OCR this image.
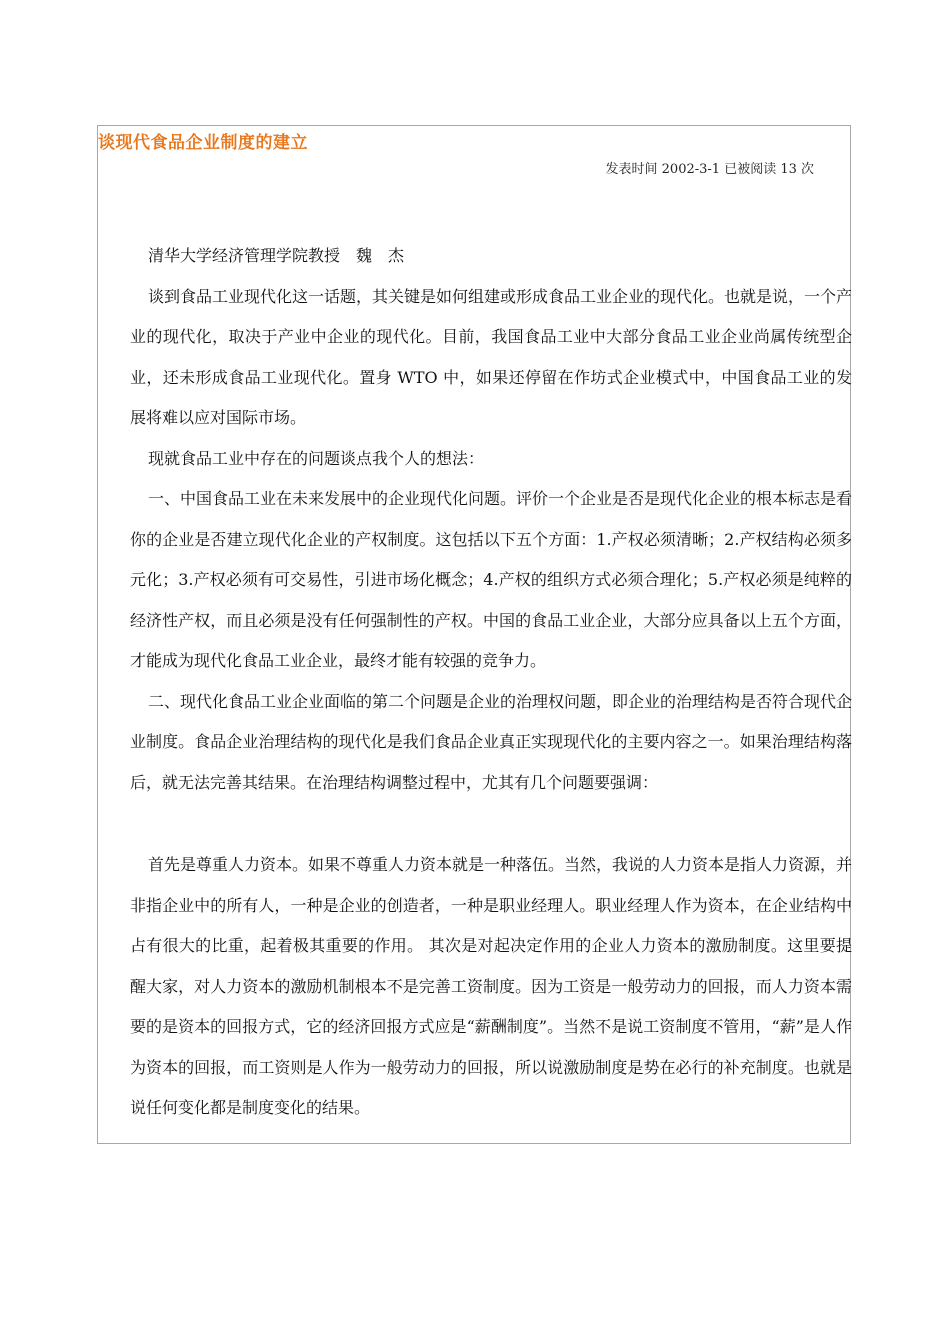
谈现代食品企业制度的建立
发表时间 2002-3-1 已被阅读 13 次

清华大学经济管理学院教授　魏　杰

谈到食品工业现代化这一话题，其关键是如何组建或形成食品工业企业的现代化。也就是说，一个产业的现代化，取决于产业中企业的现代化。目前，我国食品工业中大部分食品工业企业尚属传统型企业，还未形成食品工业现代化。置身 WTO 中，如果还停留在作坊式企业模式中，中国食品工业的发展将难以应对国际市场。

现就食品工业中存在的问题谈点我个人的想法：

一、中国食品工业在未来发展中的企业现代化问题。评价一个企业是否是现代化企业的根本标志是看你的企业是否建立现代化企业的产权制度。这包括以下五个方面：1.产权必须清晰；2.产权结构必须多元化；3.产权必须有可交易性，引进市场化概念；4.产权的组织方式必须合理化；5.产权必须是纯粹的经济性产权，而且必须是没有任何强制性的产权。中国的食品工业企业，大部分应具备以上五个方面，才能成为现代化食品工业企业，最终才能有较强的竞争力。

二、现代化食品工业企业面临的第二个问题是企业的治理权问题，即企业的治理结构是否符合现代企业制度。食品企业治理结构的现代化是我们食品企业真正实现现代化的主要内容之一。如果治理结构落后，就无法完善其结果。在治理结构调整过程中，尤其有几个问题要强调：

首先是尊重人力资本。如果不尊重人力资本就是一种落伍。当然，我说的人力资本是指人力资源，并非指企业中的所有人，一种是企业的创造者，一种是职业经理人。职业经理人作为资本，在企业结构中占有很大的比重，起着极其重要的作用。 其次是对起决定作用的企业人力资本的激励制度。这里要提醒大家，对人力资本的激励机制根本不是完善工资制度。因为工资是一般劳动力的回报，而人力资本需要的是资本的回报方式，它的经济回报方式应是“薪酬制度”。当然不是说工资制度不管用，“薪”是人作为资本的回报，而工资则是人作为一般劳动力的回报，所以说激励制度是势在必行的补充制度。也就是说任何变化都是制度变化的结果。
